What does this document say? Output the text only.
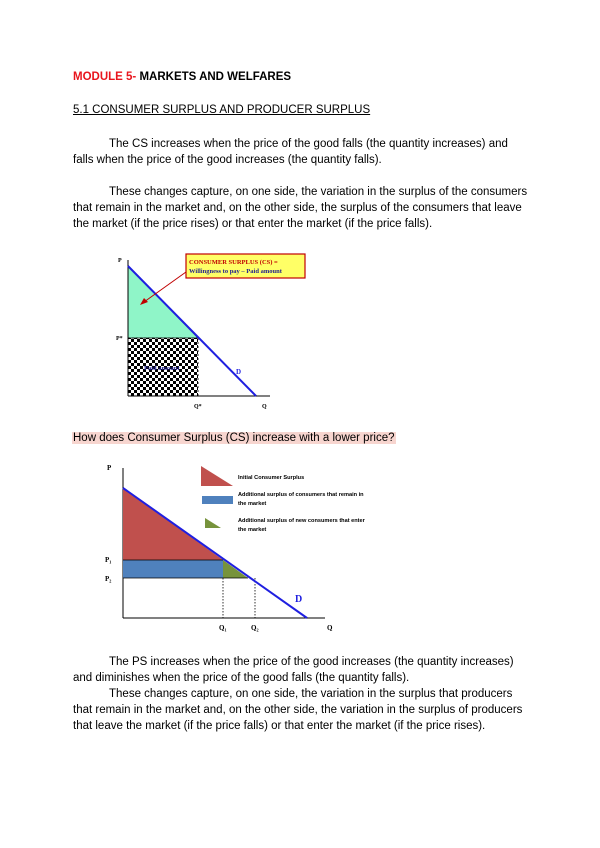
MODULE 5- MARKETS AND WELFARES
5.1 CONSUMER SURPLUS AND PRODUCER SURPLUS

The CS increases when the price of the good falls (the quantity increases) and falls when the price of the good increases (the quantity falls).

These changes capture, on one side, the variation in the surplus of the consumers that remain in the market and, on the other side, the surplus of the consumers that leave the market (if the price rises) or that enter the market (if the price falls).

CONSUMER SURPLUS (CS) =
Willingness to pay – Paid amount
Paid amount
P
P*
D
Q*	Q
How does Consumer Surplus (CS) increase with a lower price?
Initial Consumer Surplus
Additional surplus of consumers that remain in
the market
Additional surplus of new consumers that enter
the market
P
P₁
P₂
D
Q₁	Q₂	Q

The PS increases when the price of the good increases (the quantity increases) and diminishes when the price of the good falls (the quantity falls).
These changes capture, on one side, the variation in the surplus that producers that remain in the market and, on the other side, the variation in the surplus of producers that leave the market (if the price falls) or that enter the market (if the price rises).
